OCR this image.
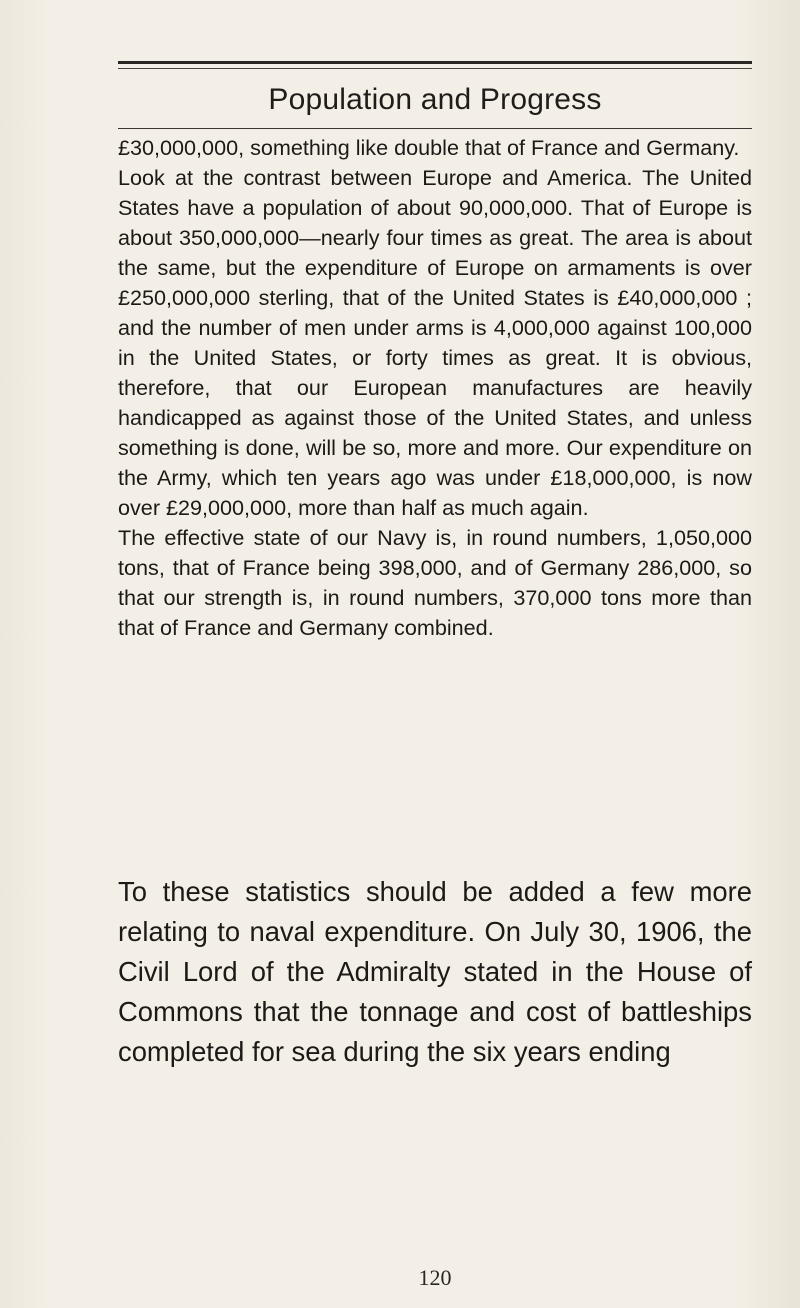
Population and Progress

£30,000,000, something like double that of France and Germany.

Look at the contrast between Europe and America. The United States have a population of about 90,000,000. That of Europe is about 350,000,000—nearly four times as great. The area is about the same, but the expenditure of Europe on armaments is over £250,000,000 sterling, that of the United States is £40,000,000 ; and the number of men under arms is 4,000,000 against 100,000 in the United States, or forty times as great. It is obvious, therefore, that our European manufactures are heavily handicapped as against those of the United States, and unless something is done, will be so, more and more. Our expenditure on the Army, which ten years ago was under £18,000,000, is now over £29,000,000, more than half as much again.

The effective state of our Navy is, in round numbers, 1,050,000 tons, that of France being 398,000, and of Germany 286,000, so that our strength is, in round numbers, 370,000 tons more than that of France and Germany combined.

To these statistics should be added a few more relating to naval expenditure. On July 30, 1906, the Civil Lord of the Admiralty stated in the House of Commons that the tonnage and cost of battleships completed for sea during the six years ending

120
